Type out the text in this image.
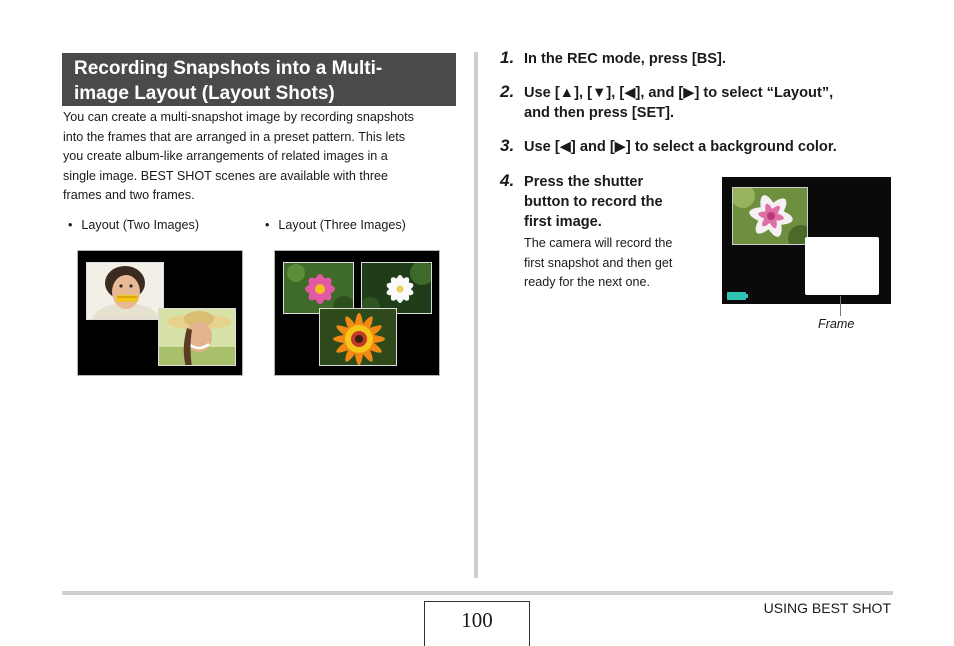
Recording Snapshots into a Multi-
image Layout (Layout Shots)
You can create a multi-snapshot image by recording snapshots
into the frames that are arranged in a preset pattern. This lets
you create album-like arrangements of related images in a
single image. BEST SHOT scenes are available with three
frames and two frames.
• Layout (Two Images)	• Layout (Three Images)
1. In the REC mode, press [BS].
2. Use [▲], [▼], [◀], and [▶] to select “Layout”,
and then press [SET].
3. Use [◀] and [▶] to select a background color.
4. Press the shutter
button to record the
first image.
The camera will record the
first snapshot and then get
ready for the next one.
Frame
100	USING BEST SHOT
